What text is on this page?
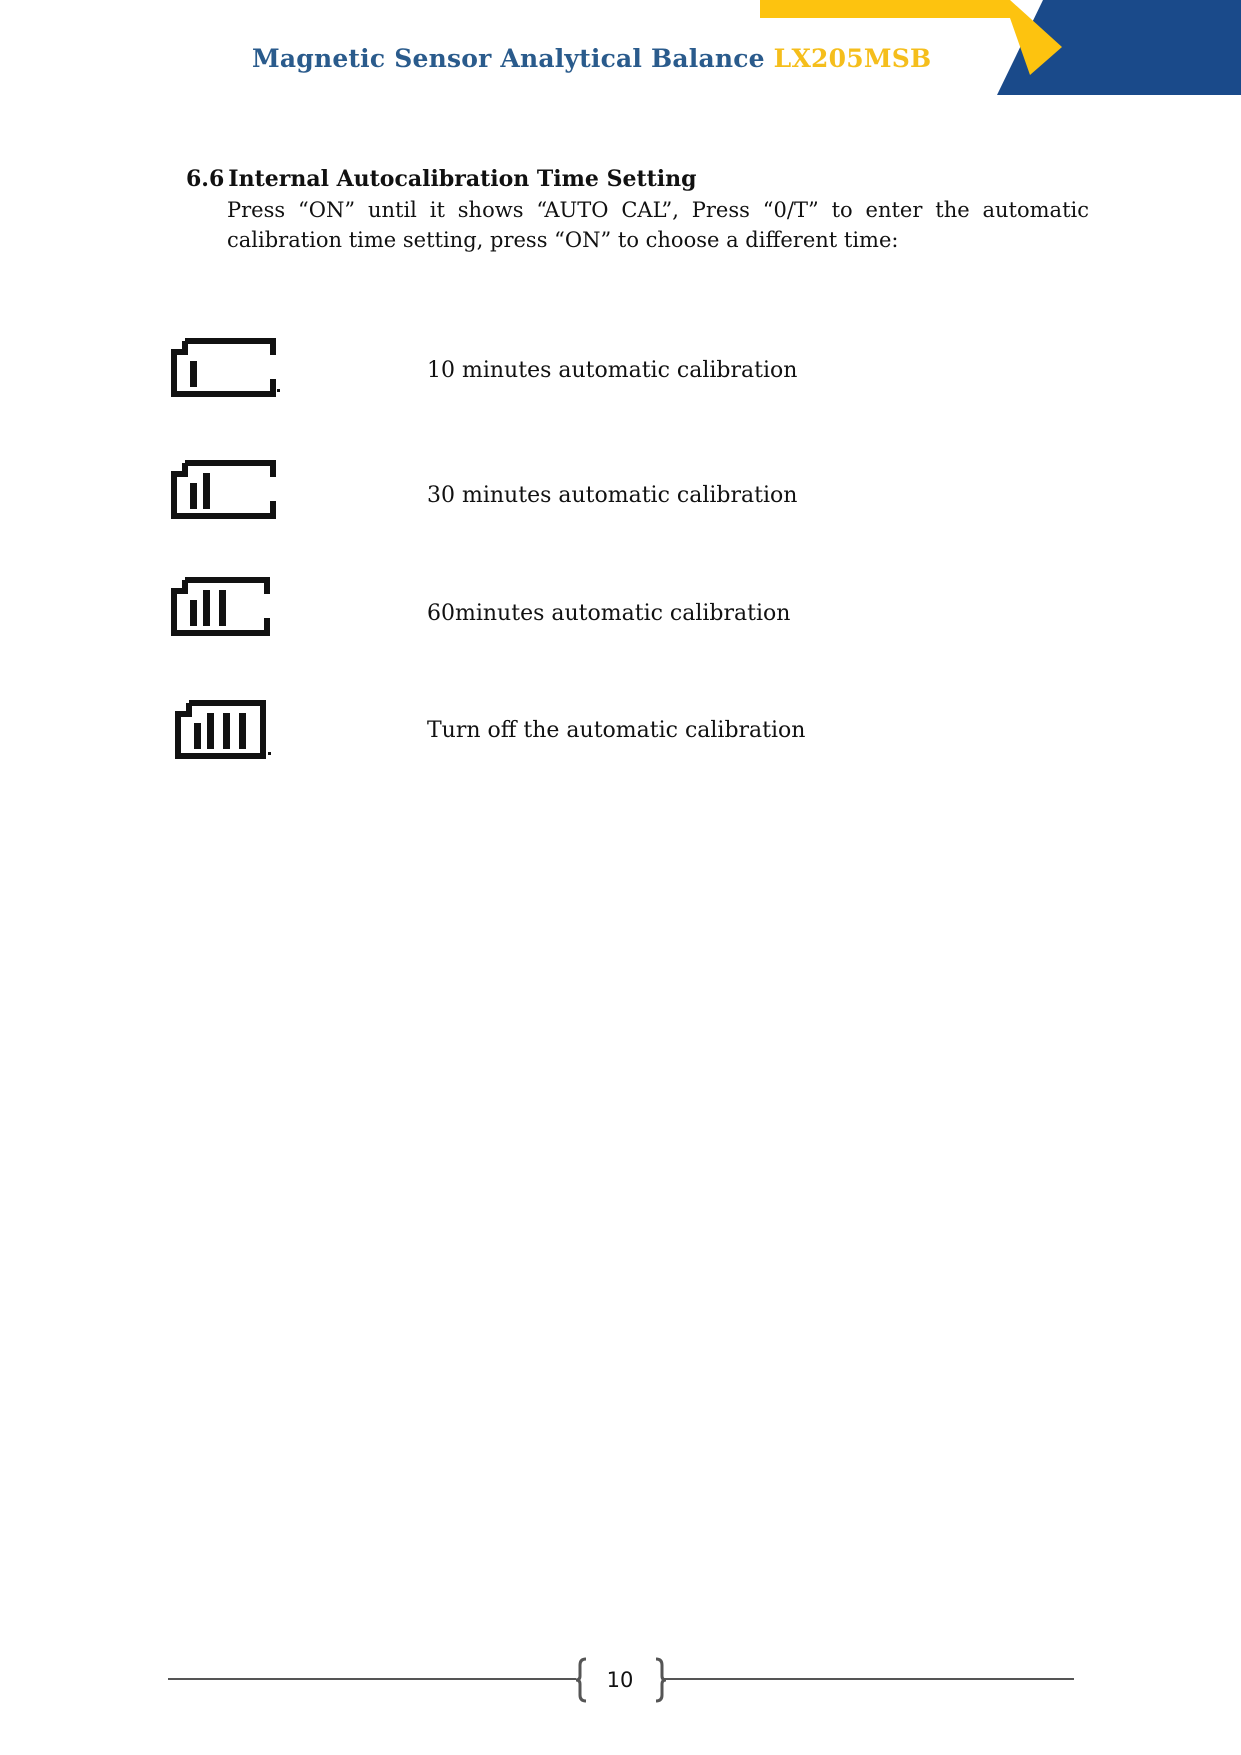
Magnetic Sensor Analytical Balance LX205MSB
6.6 Internal Autocalibration Time Setting
Press “ON” until it shows “AUTO CAL”, Press “0/T” to enter the automatic calibration time setting, press “ON” to choose a different time:
10 minutes automatic calibration
30 minutes automatic calibration
60minutes automatic calibration
Turn off the automatic calibration
10
